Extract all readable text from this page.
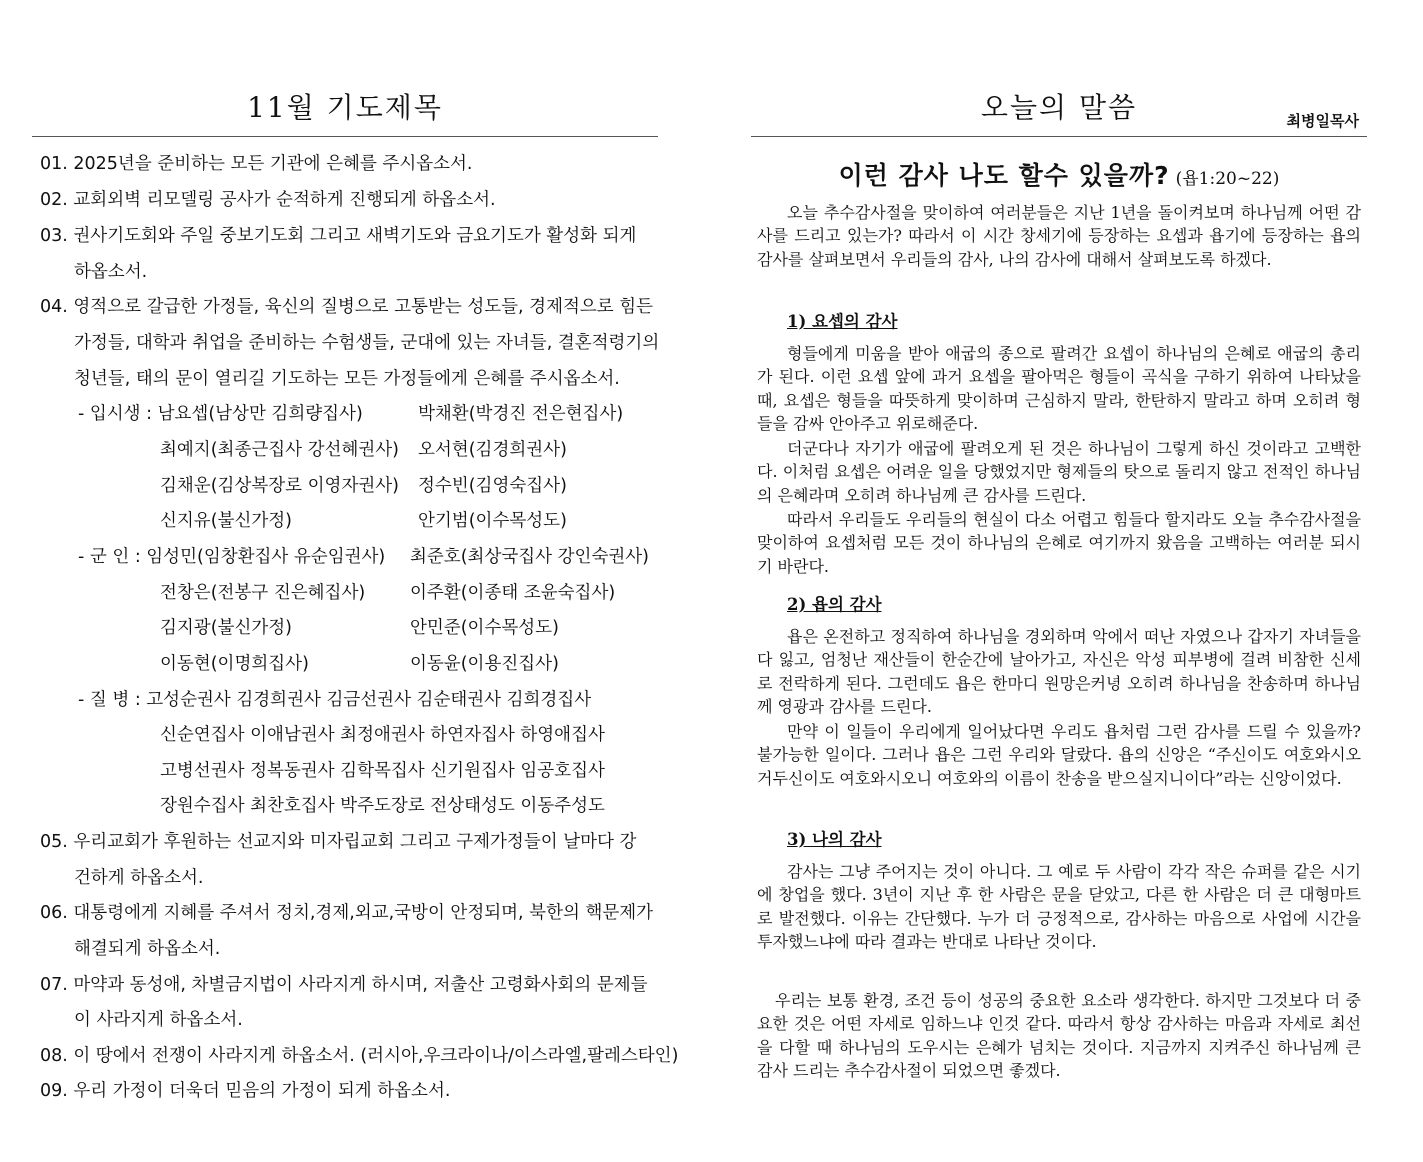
11월 기도제목
01. 2025년을 준비하는 모든 기관에 은혜를 주시옵소서.
02. 교회외벽 리모델링 공사가 순적하게 진행되게 하옵소서.
03. 권사기도회와 주일 중보기도회 그리고 새벽기도와 금요기도가 활성화 되게
하옵소서.
04. 영적으로 갈급한 가정들, 육신의 질병으로 고통받는 성도들, 경제적으로 힘든
가정들, 대학과 취업을 준비하는 수험생들, 군대에 있는 자녀들, 결혼적령기의
청년들, 태의 문이 열리길 기도하는 모든 가정들에게 은혜를 주시옵소서.
- 입시생 : 남요셉(남상만 김희량집사)	박채환(박경진 전은현집사)
최예지(최종근집사 강선혜권사) 오서현(김경희권사)
김채운(김상복장로 이영자권사) 정수빈(김영숙집사)
신지유(불신가정)	안기범(이수목성도)
- 군 인 : 임성민(임창환집사 유순임권사) 최준호(최상국집사 강인숙권사)
전창은(전봉구 진은혜집사)	이주환(이종태 조윤숙집사)
김지광(불신가정)	안민준(이수목성도)
이동현(이명희집사)	이동윤(이용진집사)
- 질 병 : 고성순권사 김경희권사 김금선권사 김순태권사 김희경집사
신순연집사 이애남권사 최정애권사 하연자집사 하영애집사
고병선권사 정복동권사 김학목집사 신기원집사 임공호집사
장원수집사 최찬호집사 박주도장로 전상태성도 이동주성도
05. 우리교회가 후원하는 선교지와 미자립교회 그리고 구제가정들이 날마다 강
건하게 하옵소서.
06. 대통령에게 지혜를 주셔서 정치,경제,외교,국방이 안정되며, 북한의 핵문제가
해결되게 하옵소서.
07. 마약과 동성애, 차별금지법이 사라지게 하시며, 저출산 고령화사회의 문제들
이 사라지게 하옵소서.
08. 이 땅에서 전쟁이 사라지게 하옵소서. (러시아,우크라이나/이스라엘,팔레스타인)
09. 우리 가정이 더욱더 믿음의 가정이 되게 하옵소서.
오늘의 말씀	최병일목사
이런 감사 나도 할수 있을까? (욥1:20~22)

오늘 추수감사절을 맞이하여 여러분들은 지난 1년을 돌이켜보며 하나님께 어떤 감사를 드리고 있는가? 따라서 이 시간 창세기에 등장하는 요셉과 욥기에 등장하는 욥의 감사를 살펴보면서 우리들의 감사, 나의 감사에 대해서 살펴보도록 하겠다.

1) 요셉의 감사

형들에게 미움을 받아 애굽의 종으로 팔려간 요셉이 하나님의 은혜로 애굽의 총리가 된다. 이런 요셉 앞에 과거 요셉을 팔아먹은 형들이 곡식을 구하기 위하여 나타났을 때, 요셉은 형들을 따뜻하게 맞이하며 근심하지 말라, 한탄하지 말라고 하며 오히려 형들을 감싸 안아주고 위로해준다.

더군다나 자기가 애굽에 팔려오게 된 것은 하나님이 그렇게 하신 것이라고 고백한다. 이처럼 요셉은 어려운 일을 당했었지만 형제들의 탓으로 돌리지 않고 전적인 하나님의 은혜라며 오히려 하나님께 큰 감사를 드린다.

따라서 우리들도 우리들의 현실이 다소 어렵고 힘들다 할지라도 오늘 추수감사절을 맞이하여 요셉처럼 모든 것이 하나님의 은혜로 여기까지 왔음을 고백하는 여러분 되시기 바란다.

2) 욥의 감사

욥은 온전하고 정직하여 하나님을 경외하며 악에서 떠난 자였으나 갑자기 자녀들을 다 잃고, 엄청난 재산들이 한순간에 날아가고, 자신은 악성 피부병에 걸려 비참한 신세로 전락하게 된다. 그런데도 욥은 한마디 원망은커녕 오히려 하나님을 찬송하며 하나님께 영광과 감사를 드린다.

만약 이 일들이 우리에게 일어났다면 우리도 욥처럼 그런 감사를 드릴 수 있을까? 불가능한 일이다. 그러나 욥은 그런 우리와 달랐다. 욥의 신앙은 “주신이도 여호와시오 거두신이도 여호와시오니 여호와의 이름이 찬송을 받으실지니이다”라는 신앙이었다.

3) 나의 감사

감사는 그냥 주어지는 것이 아니다. 그 예로 두 사람이 각각 작은 슈퍼를 같은 시기에 창업을 했다. 3년이 지난 후 한 사람은 문을 닫았고, 다른 한 사람은 더 큰 대형마트로 발전했다. 이유는 간단했다. 누가 더 긍정적으로, 감사하는 마음으로 사업에 시간을 투자했느냐에 따라 결과는 반대로 나타난 것이다.

우리는 보통 환경, 조건 등이 성공의 중요한 요소라 생각한다. 하지만 그것보다 더 중요한 것은 어떤 자세로 임하느냐 인것 같다. 따라서 항상 감사하는 마음과 자세로 최선을 다할 때 하나님의 도우시는 은혜가 넘치는 것이다. 지금까지 지켜주신 하나님께 큰 감사 드리는 추수감사절이 되었으면 좋겠다.
